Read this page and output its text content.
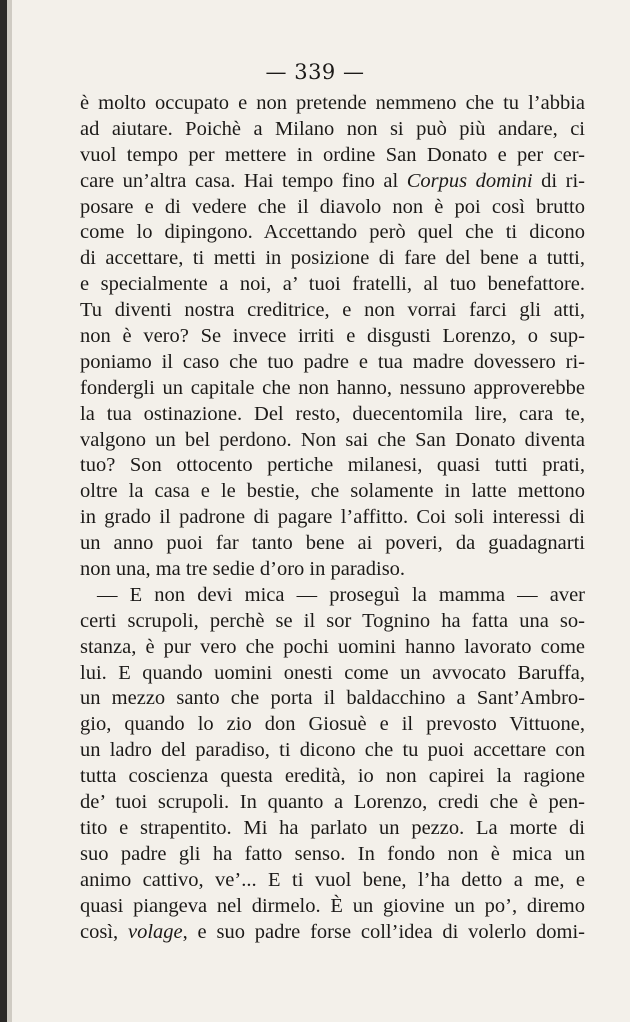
— 339 —
è molto occupato e non pretende nemmeno che tu l’abbia
ad aiutare. Poichè a Milano non si può più andare, ci
vuol tempo per mettere in ordine San Donato e per cer-
care un’altra casa. Hai tempo fino al Corpus domini di ri-
posare e di vedere che il diavolo non è poi così brutto
come lo dipingono. Accettando però quel che ti dicono
di accettare, ti metti in posizione di fare del bene a tutti,
e specialmente a noi, a’ tuoi fratelli, al tuo benefattore.
Tu diventi nostra creditrice, e non vorrai farci gli atti,
non è vero? Se invece irriti e disgusti Lorenzo, o sup-
poniamo il caso che tuo padre e tua madre dovessero ri-
fondergli un capitale che non hanno, nessuno approverebbe
la tua ostinazione. Del resto, duecentomila lire, cara te,
valgono un bel perdono. Non sai che San Donato diventa
tuo? Son ottocento pertiche milanesi, quasi tutti prati,
oltre la casa e le bestie, che solamente in latte mettono
in grado il padrone di pagare l’affitto. Coi soli interessi di
un anno puoi far tanto bene ai poveri, da guadagnarti
non una, ma tre sedie d’oro in paradiso.
— E non devi mica — proseguì la mamma — aver
certi scrupoli, perchè se il sor Tognino ha fatta una so-
stanza, è pur vero che pochi uomini hanno lavorato come
lui. E quando uomini onesti come un avvocato Baruffa,
un mezzo santo che porta il baldacchino a Sant’Ambro-
gio, quando lo zio don Giosuè e il prevosto Vittuone,
un ladro del paradiso, ti dicono che tu puoi accettare con
tutta coscienza questa eredità, io non capirei la ragione
de’ tuoi scrupoli. In quanto a Lorenzo, credi che è pen-
tito e strapentito. Mi ha parlato un pezzo. La morte di
suo padre gli ha fatto senso. In fondo non è mica un
animo cattivo, ve’... E ti vuol bene, l’ha detto a me, e
quasi piangeva nel dirmelo. È un giovine un po’, diremo
così, volage, e suo padre forse coll’idea di volerlo domi-
